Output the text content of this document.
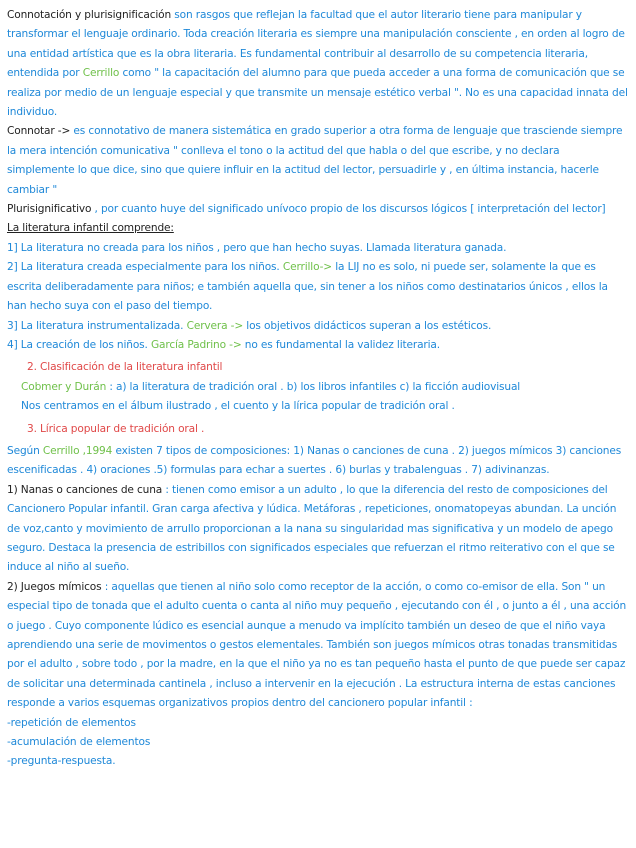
Connotación y plurisignificación son rasgos que reflejan la facultad que el autor literario tiene para manipular y transformar el lenguaje ordinario. Toda creación literaria es siempre una manipulación consciente , en orden al logro de una entidad artística que es la obra literaria. Es fundamental contribuir al desarrollo de su competencia literaria, entendida por Cerrillo como " la capacitación del alumno para que pueda acceder a una forma de comunicación que se realiza por medio de un lenguaje especial y que transmite un mensaje estético verbal ". No es una capacidad innata del individuo.

Connotar -> es connotativo de manera sistemática en grado superior a otra forma de lenguaje que trasciende siempre la mera intención comunicativa " conlleva el tono o la actitud del que habla o del que escribe, y no declara simplemente lo que dice, sino que quiere influir en la actitud del lector, persuadirle y , en última instancia, hacerle cambiar "

Plurisignificativo , por cuanto huye del significado unívoco propio de los discursos lógicos [ interpretación del lector]

La literatura infantil comprende:

1] La literatura no creada para los niños , pero que han hecho suyas. Llamada literatura ganada.

2] La literatura creada especialmente para los niños. Cerrillo-> la LIJ no es solo, ni puede ser, solamente la que es escrita deliberadamente para niños; e también aquella que, sin tener a los niños como destinatarios únicos , ellos la han hecho suya con el paso del tiempo.

3] La literatura instrumentalizada. Cervera -> los objetivos didácticos superan a los estéticos.

4] La creación de los niños. García Padrino -> no es fundamental la validez literaria.

2. Clasificación de la literatura infantil

Cobmer y Durán : a) la literatura de tradición oral . b) los libros infantiles c) la ficción audiovisual

Nos centramos en el álbum ilustrado , el cuento y la lírica popular de tradición oral .

3. Lírica popular de tradición oral .

Según Cerrillo ,1994 existen 7 tipos de composiciones: 1) Nanas o canciones de cuna . 2) juegos mímicos 3) canciones escenificadas . 4) oraciones .5) formulas para echar a suertes . 6) burlas y trabalenguas . 7) adivinanzas.

1) Nanas o canciones de cuna : tienen como emisor a un adulto , lo que la diferencia del resto de composiciones del Cancionero Popular infantil. Gran carga afectiva y lúdica. Metáforas , repeticiones, onomatopeyas abundan. La unción de voz,canto y movimiento de arrullo proporcionan a la nana su singularidad mas significativa y un modelo de apego seguro. Destaca la presencia de estribillos con significados especiales que refuerzan el ritmo reiterativo con el que se induce al niño al sueño.

2) Juegos mímicos : aquellas que tienen al niño solo como receptor de la acción, o como co-emisor de ella. Son " un especial tipo de tonada que el adulto cuenta o canta al niño muy pequeño , ejecutando con él , o junto a él , una acción o juego . Cuyo componente lúdico es esencial aunque a menudo va implícito también un deseo de que el niño vaya aprendiendo una serie de movimentos o gestos elementales. También son juegos mímicos otras tonadas transmitidas por el adulto , sobre todo , por la madre, en la que el niño ya no es tan pequeño hasta el punto de que puede ser capaz de solicitar una determinada cantinela , incluso a intervenir en la ejecución . La estructura interna de estas canciones responde a varios esquemas organizativos propios dentro del cancionero popular infantil :

-repetición de elementos

-acumulación de elementos

-pregunta-respuesta.
